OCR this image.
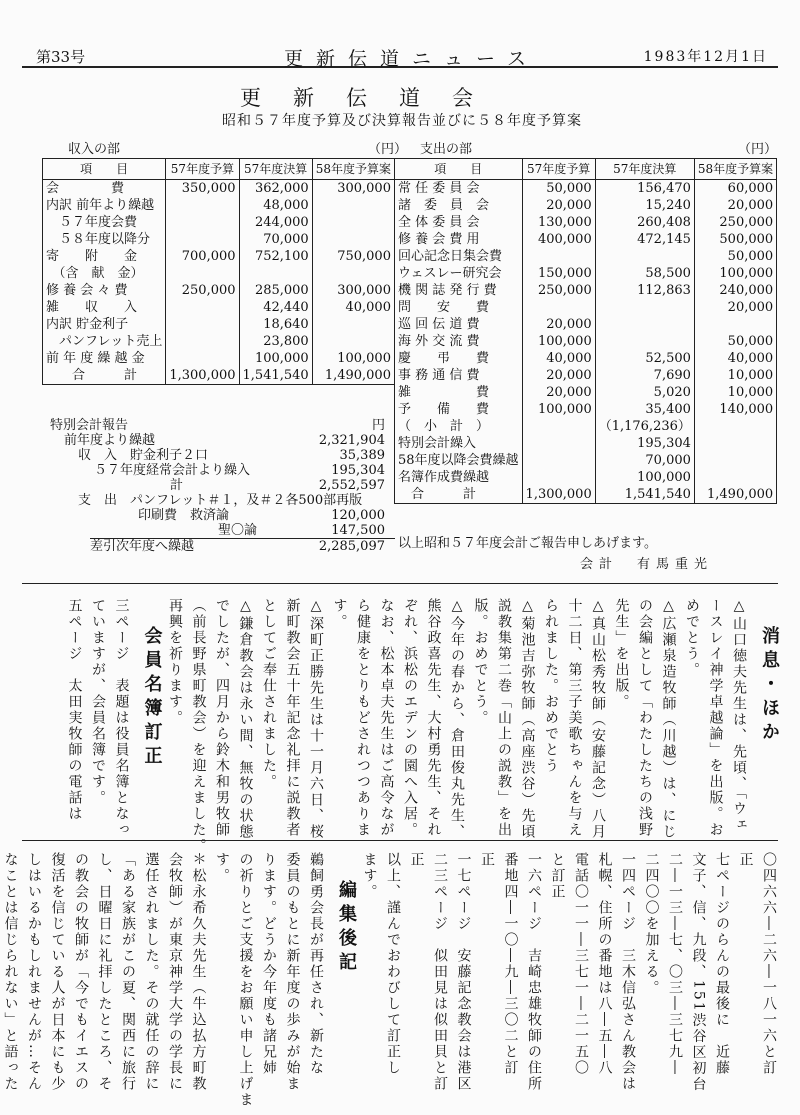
第33号	更新伝道ニュース	1983年12月1日
更新伝道会
昭和５７年度予算及び決算報告並びに５８年度予算案
収入の部	（円） 支出の部	（円）
項　　目	57年度予算	57年度決算	58年度予算案
会　　　　費	350,000	362,000	300,000
内訳 前年より繰越		48,000	
　５７年度会費		244,000	
　５８年度以降分		70,000	
寄　　附　　金	700,000	752,100	750,000
　（含　献　金）			
修 養 会 々 費	250,000	285,000	300,000
雑　　収　　入		42,440	40,000
内訳 貯金利子		18,640	
　パンフレット売上		23,800	
前 年 度 繰 越 金		100,000	100,000
　　合　　　計	1,300,000	1,541,540	1,490,000
項　　目	57年度予算	57年度決算	58年度予算案
常 任 委 員 会	50,000	156,470	60,000
諸　委　員　会	20,000	15,240	20,000
全 体 委 員 会	130,000	260,408	250,000
修 養 会 費 用	400,000	472,145	500,000
回心記念日集会費			50,000
ウェスレー研究会	150,000	58,500	100,000
機 関 誌 発 行 費	250,000	112,863	240,000
問　　安　　費			20,000
巡 回 伝 道 費	20,000		
海 外 交 流 費	100,000		50,000
慶　　弔　　費	40,000	52,500	40,000
事 務 通 信 費	20,000	7,690	10,000
雑　　　　　費	20,000	5,020	10,000
予　　備　　費	100,000	35,400	140,000
（　小　計　）		（1,176,236）	
特別会計繰入		195,304	
58年度以降会費繰越		70,000	
名簿作成費繰越		100,000	
　合　　　計	1,300,000	1,541,540	1,490,000
特別会計報告	円
前年度より繰越	2,321,904
収　入　貯金利子２口	35,389
５７年度経常会計より繰入	195,304
計	2,552,597
支　出　パンフレット＃１，及＃２各500部再版
印刷費　救済論	120,000
聖〇論	147,500
差引次年度へ繰越	2,285,097 以上昭和５７年度会計ご報告申しあげます。
会計　有馬重光
消息・ほか
△山口徳夫先生は、先頃、「ウェ
ースレイ神学卓越論」を出版。お
めでとう。
△広瀬泉造牧師（川越）は、にじ
の会編として「わたしたちの浅野
先生」を出版。
△真山松秀牧師（安藤記念）八月
十二日、第三子美歌ちゃんを与え
られました。おめでとう
△菊池吉弥牧師（高座渋谷）先頃
説教集第二巻「山上の説教」を出
版。おめでとう。
△今年の春から、倉田俊丸先生、
熊谷政喜先生、大村勇先生、それ
ぞれ、浜松のエデンの園へ入居。
なお、松本卓夫先生はご高令なが
ら健康をとりもどされつつありま
す。
△深町正勝先生は十一月六日、桜
新町教会五十年記念礼拝に説教者
としてご奉仕されました。
△鎌倉教会は永い間、無牧の状態
でしたが、四月から鈴木和男牧師
（前長野県町教会）を迎えました。
再興を祈ります。
会員名簿訂正
三ページ　表題は役員名簿となっ
ていますが、会員名簿です。
五ページ　太田実牧師の電話は
〇四六六―二六―一八一六と訂
正
七ページのらんの最後に　近藤
文子、信、九段、151渋谷区初台
二―一三―七、〇三―三七九―
二四〇〇を加える。
一四ページ　三木信弘さん教会は
札幌、住所の番地は八―五―八
電話〇一一―三七一―二一五〇
と訂正
一六ページ　吉崎忠雄牧師の住所
番地四―一〇―九―三〇二と訂
正
一七ページ　安藤記念教会は港区
二三ページ　似田見は似田貝と訂
正
以上、謹んでおわびして訂正し
ます。
編集後記
鵜飼勇会長が再任され、新たな
委員のもとに新年度の歩みが始ま
ります。どうか今年度も諸兄姉
の祈りとご支援をお願い申し上げま
す。
＊松永希久夫先生（牛込払方町教
会牧師）が東京神学大学の学長に
選任されました。その就任の辞に
「ある家族がこの夏、関西に旅行
し、日曜日に礼拝したところ、そ
の教会の牧師が「今でもイエスの
復活を信じている人が日本にも少
しはいるかもしれませんが…そん
なことは信じられない」と語った
